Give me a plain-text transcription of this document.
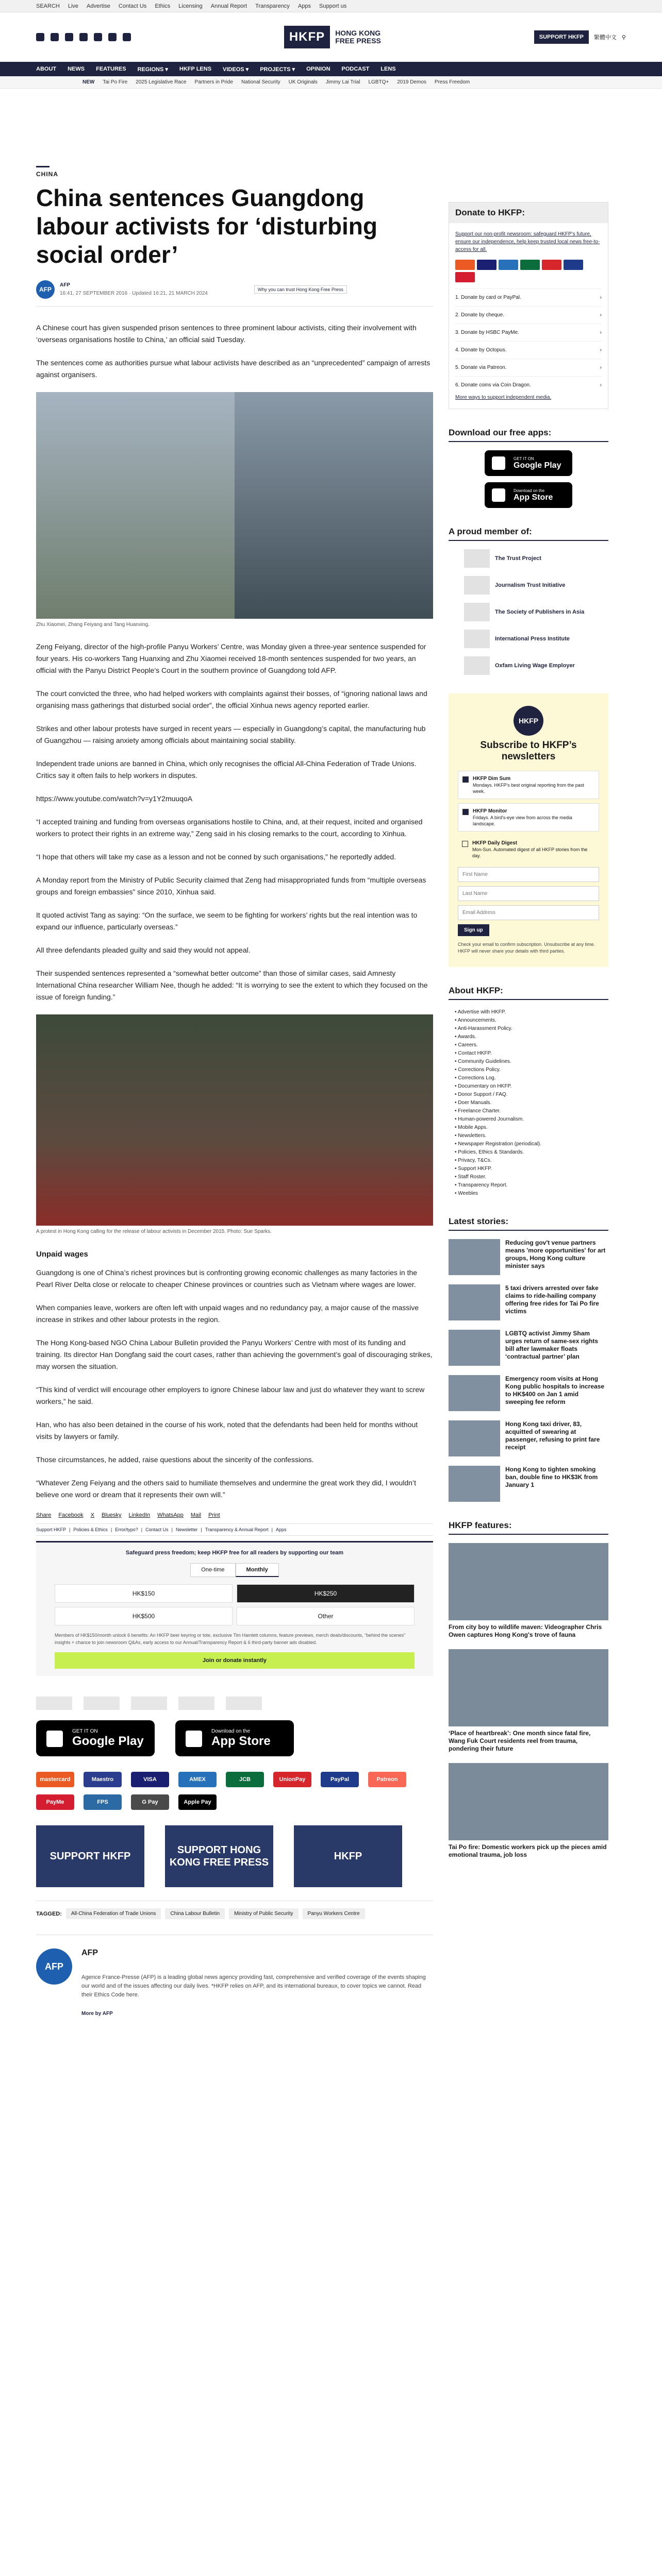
SEARCH Live Advertise Contact Us Ethics Licensing Annual Report Transparency Apps Support us
HKFP	HONG KONG
FREE PRESS	SUPPORT HKFP	繁體中文 ⚲
ABOUT NEWS FEATURES REGIONS ▾ HKFP LENS VIDEOS ▾ PROJECTS ▾ OPINION PODCAST LENS
NEW Tai Po Fire 2025 Legislative Race Partners in Pride National Security UK Originals Jimmy Lai Trial LGBTQ+ 2019 Demos Press Freedom
CHINA
China sentences Guangdong labour activists for ‘disturbing social order’
AFP
AFP
16:41, 27 SEPTEMBER 2016 · Updated 16:21, 21 MARCH 2024
Why you can trust Hong Kong Free Press

A Chinese court has given suspended prison sentences to three prominent labour activists, citing their involvement with ‘overseas organisations hostile to China,’ an official said Tuesday.

The sentences come as authorities pursue what labour activists have described as an “unprecedented” campaign of arrests against organisers.

Zhu Xiaomei, Zhang Feiyang and Tang Huanxing.

Zeng Feiyang, director of the high-profile Panyu Workers’ Centre, was Monday given a three-year sentence suspended for four years. His co-workers Tang Huanxing and Zhu Xiaomei received 18-month sentences suspended for two years, an official with the Panyu District People’s Court in the southern province of Guangdong told AFP.

The court convicted the three, who had helped workers with complaints against their bosses, of “ignoring national laws and organising mass gatherings that disturbed social order”, the official Xinhua news agency reported earlier.

Strikes and other labour protests have surged in recent years — especially in Guangdong’s capital, the manufacturing hub of Guangzhou — raising anxiety among officials about maintaining social stability.

Independent trade unions are banned in China, which only recognises the official All-China Federation of Trade Unions. Critics say it often fails to help workers in disputes.

https://www.youtube.com/watch?v=y1Y2muuqoA

“I accepted training and funding from overseas organisations hostile to China, and, at their request, incited and organised workers to protect their rights in an extreme way,” Zeng said in his closing remarks to the court, according to Xinhua.

“I hope that others will take my case as a lesson and not be conned by such organisations,” he reportedly added.

A Monday report from the Ministry of Public Security claimed that Zeng had misappropriated funds from “multiple overseas groups and foreign embassies” since 2010, Xinhua said.

It quoted activist Tang as saying: “On the surface, we seem to be fighting for workers’ rights but the real intention was to expand our influence, particularly overseas.”

All three defendants pleaded guilty and said they would not appeal.

Their suspended sentences represented a “somewhat better outcome” than those of similar cases, said Amnesty International China researcher William Nee, though he added: “It is worrying to see the extent to which they focused on the issue of foreign funding.”

A protest in Hong Kong calling for the release of labour activists in December 2015. Photo: Sue Sparks.
Unpaid wages

Guangdong is one of China’s richest provinces but is confronting growing economic challenges as many factories in the Pearl River Delta close or relocate to cheaper Chinese provinces or countries such as Vietnam where wages are lower.

When companies leave, workers are often left with unpaid wages and no redundancy pay, a major cause of the massive increase in strikes and other labour protests in the region.

The Hong Kong-based NGO China Labour Bulletin provided the Panyu Workers’ Centre with most of its funding and training. Its director Han Dongfang said the court cases, rather than achieving the government’s goal of discouraging strikes, may worsen the situation.

“This kind of verdict will encourage other employers to ignore Chinese labour law and just do whatever they want to screw workers,” he said.

Han, who has also been detained in the course of his work, noted that the defendants had been held for months without visits by lawyers or family.

Those circumstances, he added, raise questions about the sincerity of the confessions.

“Whatever Zeng Feiyang and the others said to humiliate themselves and undermine the great work they did, I wouldn’t believe one word or dream that it represents their own will.”

Share Facebook X Bluesky LinkedIn WhatsApp Mail Print
Support HKFP | Policies & Ethics | Error/typo? | Contact Us | Newsletter | Transparency & Annual Report | Apps
Safeguard press freedom; keep HKFP free for all readers by supporting our team
One-time	Monthly
HK$150	HK$250
HK$500	Other
Members of HK$150/month unlock 6 benefits: An HKFP beer keyring or tote, exclusive Tim Hamlett columns, feature previews, merch deals/discounts, “behind the scenes” insights + chance to join newsroom Q&As, early access to our Annual/Transparency Report & 6 third-party banner ads disabled.
Join or donate instantly
GET IT ON
Google Play
Download on the
App Store
mastercard	Maestro	VISA	AMEX	JCB	UnionPay	PayPal	Patreon
PayMe	FPS	G Pay	Apple Pay
SUPPORT HKFP
SUPPORT HONG KONG FREE PRESS
HKFP
TAGGED:	All-China Federation of Trade Unions	China Labour Bulletin	Ministry of Public Security	Panyu Workers Centre
AFP
AFP

Agence France-Presse (AFP) is a leading global news agency providing fast, comprehensive and verified coverage of the events shaping our world and of the issues affecting our daily lives. *HKFP relies on AFP, and its international bureaux, to cover topics we cannot. Read their Ethics Code here.

More by AFP
Donate to HKFP:
Support our non-profit newsroom: safeguard HKFP’s future, ensure our independence, help keep trusted local news free-to-access for all.
1. Donate by card or PayPal.	›
2. Donate by cheque.	›
3. Donate by HSBC PayMe.	›
4. Donate by Octopus.	›
5. Donate via Patreon.	›
6. Donate coins via Coin Dragon.	›
More ways to support independent media.
Download our free apps:
GET IT ON
Google Play
Download on the
App Store
A proud member of:
The Trust Project
Journalism Trust Initiative
The Society of Publishers in Asia
International Press Institute
Oxfam Living Wage Employer
HKFP
Subscribe to HKFP’s newsletters
HKFP Dim Sum
Mondays. HKFP's best original reporting from the past week.
HKFP Monitor
Fridays. A bird's-eye view from across the media landscape.
HKFP Daily Digest
Mon-Sun. Automated digest of all HKFP stories from the day.
First Name Last Name Email Address Sign up
Check your email to confirm subscription. Unsubscribe at any time. HKFP will never share your details with third parties.
About HKFP:
• Advertise with HKFP.
• Announcements.
• Anti-Harassment Policy.
• Awards.
• Careers.
• Contact HKFP.
• Community Guidelines.
• Corrections Policy.
• Corrections Log.
• Documentary on HKFP.
• Donor Support / FAQ.
• Doer Manuals.
• Freelance Charter.
• Human-powered Journalism.
• Mobile Apps.
• Newsletters.
• Newspaper Registration (periodical).
• Policies, Ethics & Standards.
• Privacy, T&Cs.
• Support HKFP.
• Staff Roster.
• Transparency Report.
• Weebles
Latest stories:
Reducing gov't venue partners means 'more opportunities' for art groups, Hong Kong culture minister says
5 taxi drivers arrested over fake claims to ride-hailing company offering free rides for Tai Po fire victims
LGBTQ activist Jimmy Sham urges return of same-sex rights bill after lawmaker floats ‘contractual partner’ plan
Emergency room visits at Hong Kong public hospitals to increase to HK$400 on Jan 1 amid sweeping fee reform
Hong Kong taxi driver, 83, acquitted of swearing at passenger, refusing to print fare receipt
Hong Kong to tighten smoking ban, double fine to HK$3K from January 1
HKFP features:
From city boy to wildlife maven: Videographer Chris Owen captures Hong Kong's trove of fauna
‘Place of heartbreak’: One month since fatal fire, Wang Fuk Court residents reel from trauma, pondering their future
Tai Po fire: Domestic workers pick up the pieces amid emotional trauma, job loss
